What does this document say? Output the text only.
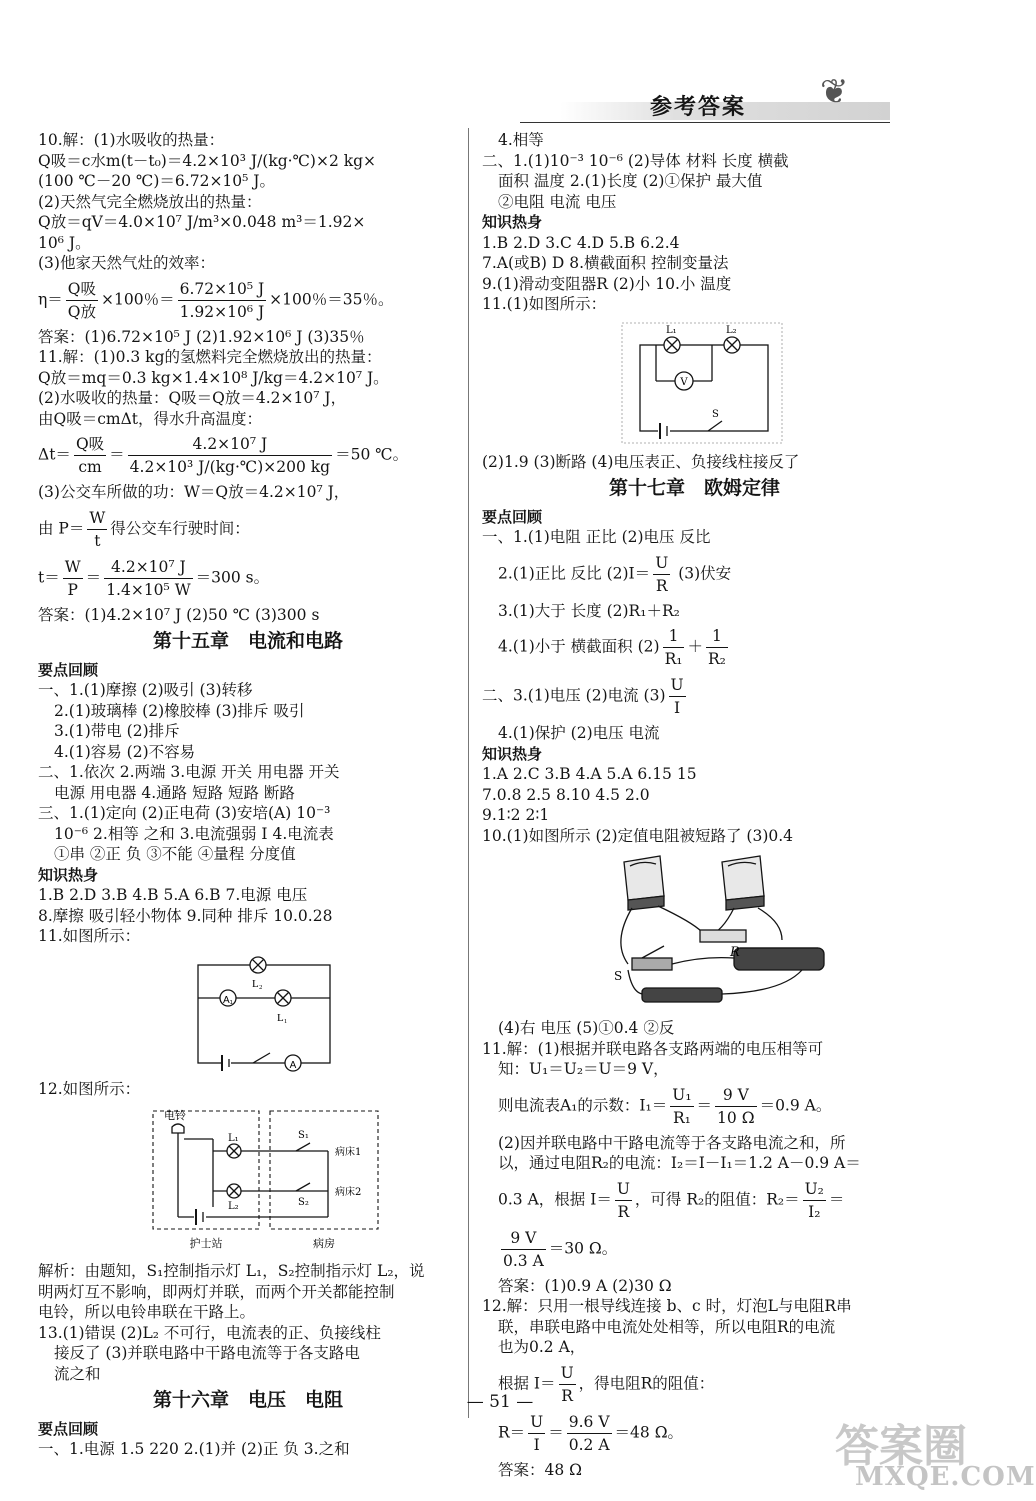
❦
参考答案
10.解：(1)水吸收的热量：
Q吸＝c水m(t－t₀)＝4.2×10³ J/(kg·℃)×2 kg×
(100 ℃－20 ℃)＝6.72×10⁵ J。
(2)天然气完全燃烧放出的热量：
Q放＝qV＝4.0×10⁷ J/m³×0.048 m³＝1.92×
10⁶ J。
(3)他家天然气灶的效率：
$\eta= \frac{\text{Q吸}}{\text{Q放}} \times 100$％＝ $\frac{\text{6.72×10⁵ J}}{\text{1.92×10⁶ J}} \times 100$％＝35％。
答案：(1)6.72×10⁵ J (2)1.92×10⁶ J (3)35％
11.解：(1)0.3 kg的氢燃料完全燃烧放出的热量：
Q放＝mq＝0.3 kg×1.4×10⁸ J/kg＝4.2×10⁷ J。
(2)水吸收的热量：Q吸＝Q放＝4.2×10⁷ J，
由Q吸＝cmΔt，得水升高温度：
$\Delta t= \frac{\text{Q吸}}{cm} = \frac{\text{4.2×10⁷ J}}{\text{4.2×10³ J/(kg·℃)×200 kg}} =50$ ℃。
(3)公交车所做的功：W＝Q放＝4.2×10⁷ J，
由 $P= \frac{W}{t}$ 得公交车行驶时间：
$t= \frac{W}{P} = \frac{\text{4.2×10⁷ J}}{\text{1.4×10⁵ W}} =300$ s。
答案：(1)4.2×10⁷ J (2)50 ℃ (3)300 s
第十五章　电流和电路
要点回顾
一、1.(1)摩擦 (2)吸引 (3)转移
2.(1)玻璃棒 (2)橡胶棒 (3)排斥 吸引
3.(1)带电 (2)排斥
4.(1)容易 (2)不容易
二、1.依次 2.两端 3.电源 开关 用电器 开关
电源 用电器 4.通路 短路 短路 断路
三、1.(1)定向 (2)正电荷 (3)安培(A) 10⁻³
10⁻⁶ 2.相等 之和 3.电流强弱 I 4.电流表
①串 ②正 负 ③不能 ④量程 分度值
知识热身
1.B 2.D 3.B 4.B 5.A 6.B 7.电源 电压
8.摩擦 吸引轻小物体 9.同种 排斥 10.0.28
11.如图所示：
A₁
A
L₂
L₁
12.如图所示：
电铃
L₁
L₂
S₁
S₂
病床1
病床2
护士站	病房
解析：由题知，S₁控制指示灯 L₁，S₂控制指示灯 L₂，说
明两灯互不影响，即两灯并联，而两个开关都能控制
电铃，所以电铃串联在干路上。
13.(1)错误 (2)L₂ 不可行，电流表的正、负接线柱
接反了 (3)并联电路中干路电流等于各支路电
流之和
第十六章　电压　电阻
要点回顾
一、1.电源 1.5 220 2.(1)并 (2)正 负 3.之和
4.相等
二、1.(1)10⁻³ 10⁻⁶ (2)导体 材料 长度 横截
面积 温度 2.(1)长度 (2)①保护 最大值
②电阻 电流 电压
知识热身
1.B 2.D 3.C 4.D 5.B 6.2.4
7.A(或B) D 8.横截面积 控制变量法
9.(1)滑动变阻器R (2)小 10.小 温度
11.(1)如图所示：
V
L₁	L₂
S
(2)1.9 (3)断路 (4)电压表正、负接线柱接反了
第十七章　欧姆定律
要点回顾
一、1.(1)电阻 正比 (2)电压 反比
2.(1)正比 反比 $(2)I= \frac{U}{R} (3)$伏安
3.(1)大于 长度 (2)R₁＋R₂
4.(1)小于 横截面积 $(2) \frac{1}{\text{R₁}} + \frac{1}{\text{R₂}}$
二、3.(1)电压 (2)电流 $(3) \frac{U}{I}$
4.(1)保护 (2)电压 电流
知识热身
1.A 2.C 3.B 4.A 5.A 6.15 15
7.0.8 2.5 8.10 4.5 2.0
9.1∶2 2∶1
10.(1)如图所示 (2)定值电阻被短路了 (3)0.4
R
S
(4)右 电压 (5)①0.4 ②反
11.解：(1)根据并联电路各支路两端的电压相等可
知：U₁＝U₂＝U＝9 V，
则电流表A₁的示数：$I_1= \frac{\text{U₁}}{\text{R₁}} = \frac{9 V}{10 \Omega} =0.9$ A。
(2)因并联电路中干路电流等于各支路电流之和，所
以，通过电阻R₂的电流：I₂＝I－I₁＝1.2 A－0.9 A＝
0.3 A，根据 $I= \frac{U}{R}$ ，可得 R₂的阻值：$R_2= \frac{\text{U₂}}{\text{I₂}}$ ＝
$\frac{9 V}{0.3 A} =30$ Ω。
答案：(1)0.9 A (2)30 Ω
12.解：只用一根导线连接 b、c 时，灯泡L与电阻R串
联，串联电路中电流处处相等，所以电阻R的电流
也为0.2 A，
根据 $I= \frac{U}{R}$ ，得电阻R的阻值：
$R= \frac{U}{I} = \frac{9.6 V}{0.2 A} =48$ Ω。
答案：48 Ω
— 51 —
答案圈
MXQE.COM
